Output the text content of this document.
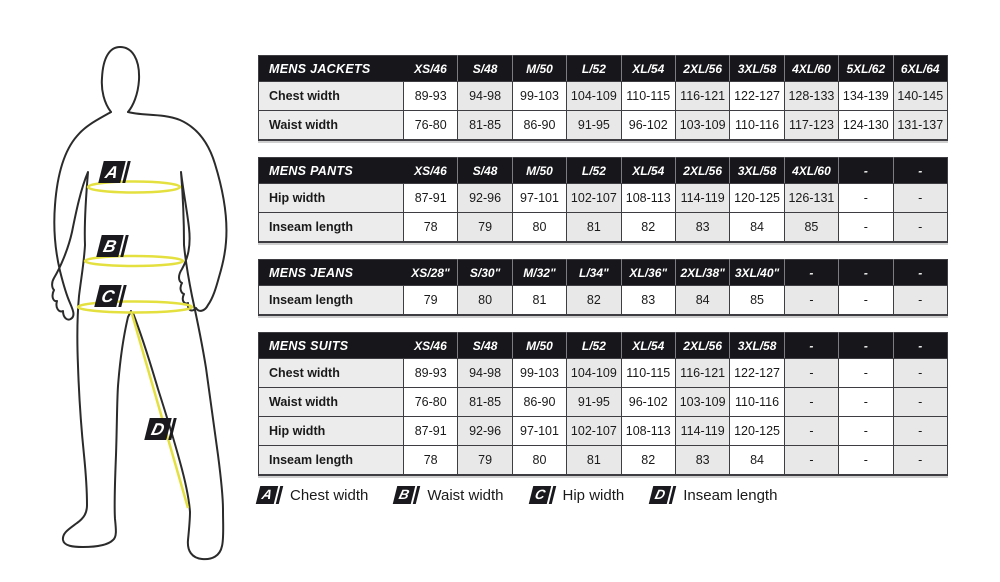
A
B
C
D
MENS JACKETS	XS/46	S/48	M/50	L/52	XL/54	2XL/56	3XL/58	4XL/60	5XL/62	6XL/64
Chest width	89-93	94-98	99-103	104-109	110-115	116-121	122-127	128-133	134-139	140-145
Waist width	76-80	81-85	86-90	91-95	96-102	103-109	110-116	117-123	124-130	131-137
MENS PANTS	XS/46	S/48	M/50	L/52	XL/54	2XL/56	3XL/58	4XL/60	-	-
Hip width	87-91	92-96	97-101	102-107	108-113	114-119	120-125	126-131	-	-
Inseam length	78	79	80	81	82	83	84	85	-	-
MENS JEANS	XS/28"	S/30"	M/32"	L/34"	XL/36"	2XL/38"	3XL/40"	-	-	-
Inseam length	79	80	81	82	83	84	85	-	-	-
MENS SUITS	XS/46	S/48	M/50	L/52	XL/54	2XL/56	3XL/58	-	-	-
Chest width	89-93	94-98	99-103	104-109	110-115	116-121	122-127	-	-	-
Waist width	76-80	81-85	86-90	91-95	96-102	103-109	110-116	-	-	-
Hip width	87-91	92-96	97-101	102-107	108-113	114-119	120-125	-	-	-
Inseam length	78	79	80	81	82	83	84	-	-	-
A Chest width	B Waist width	C Hip width	D Inseam length
